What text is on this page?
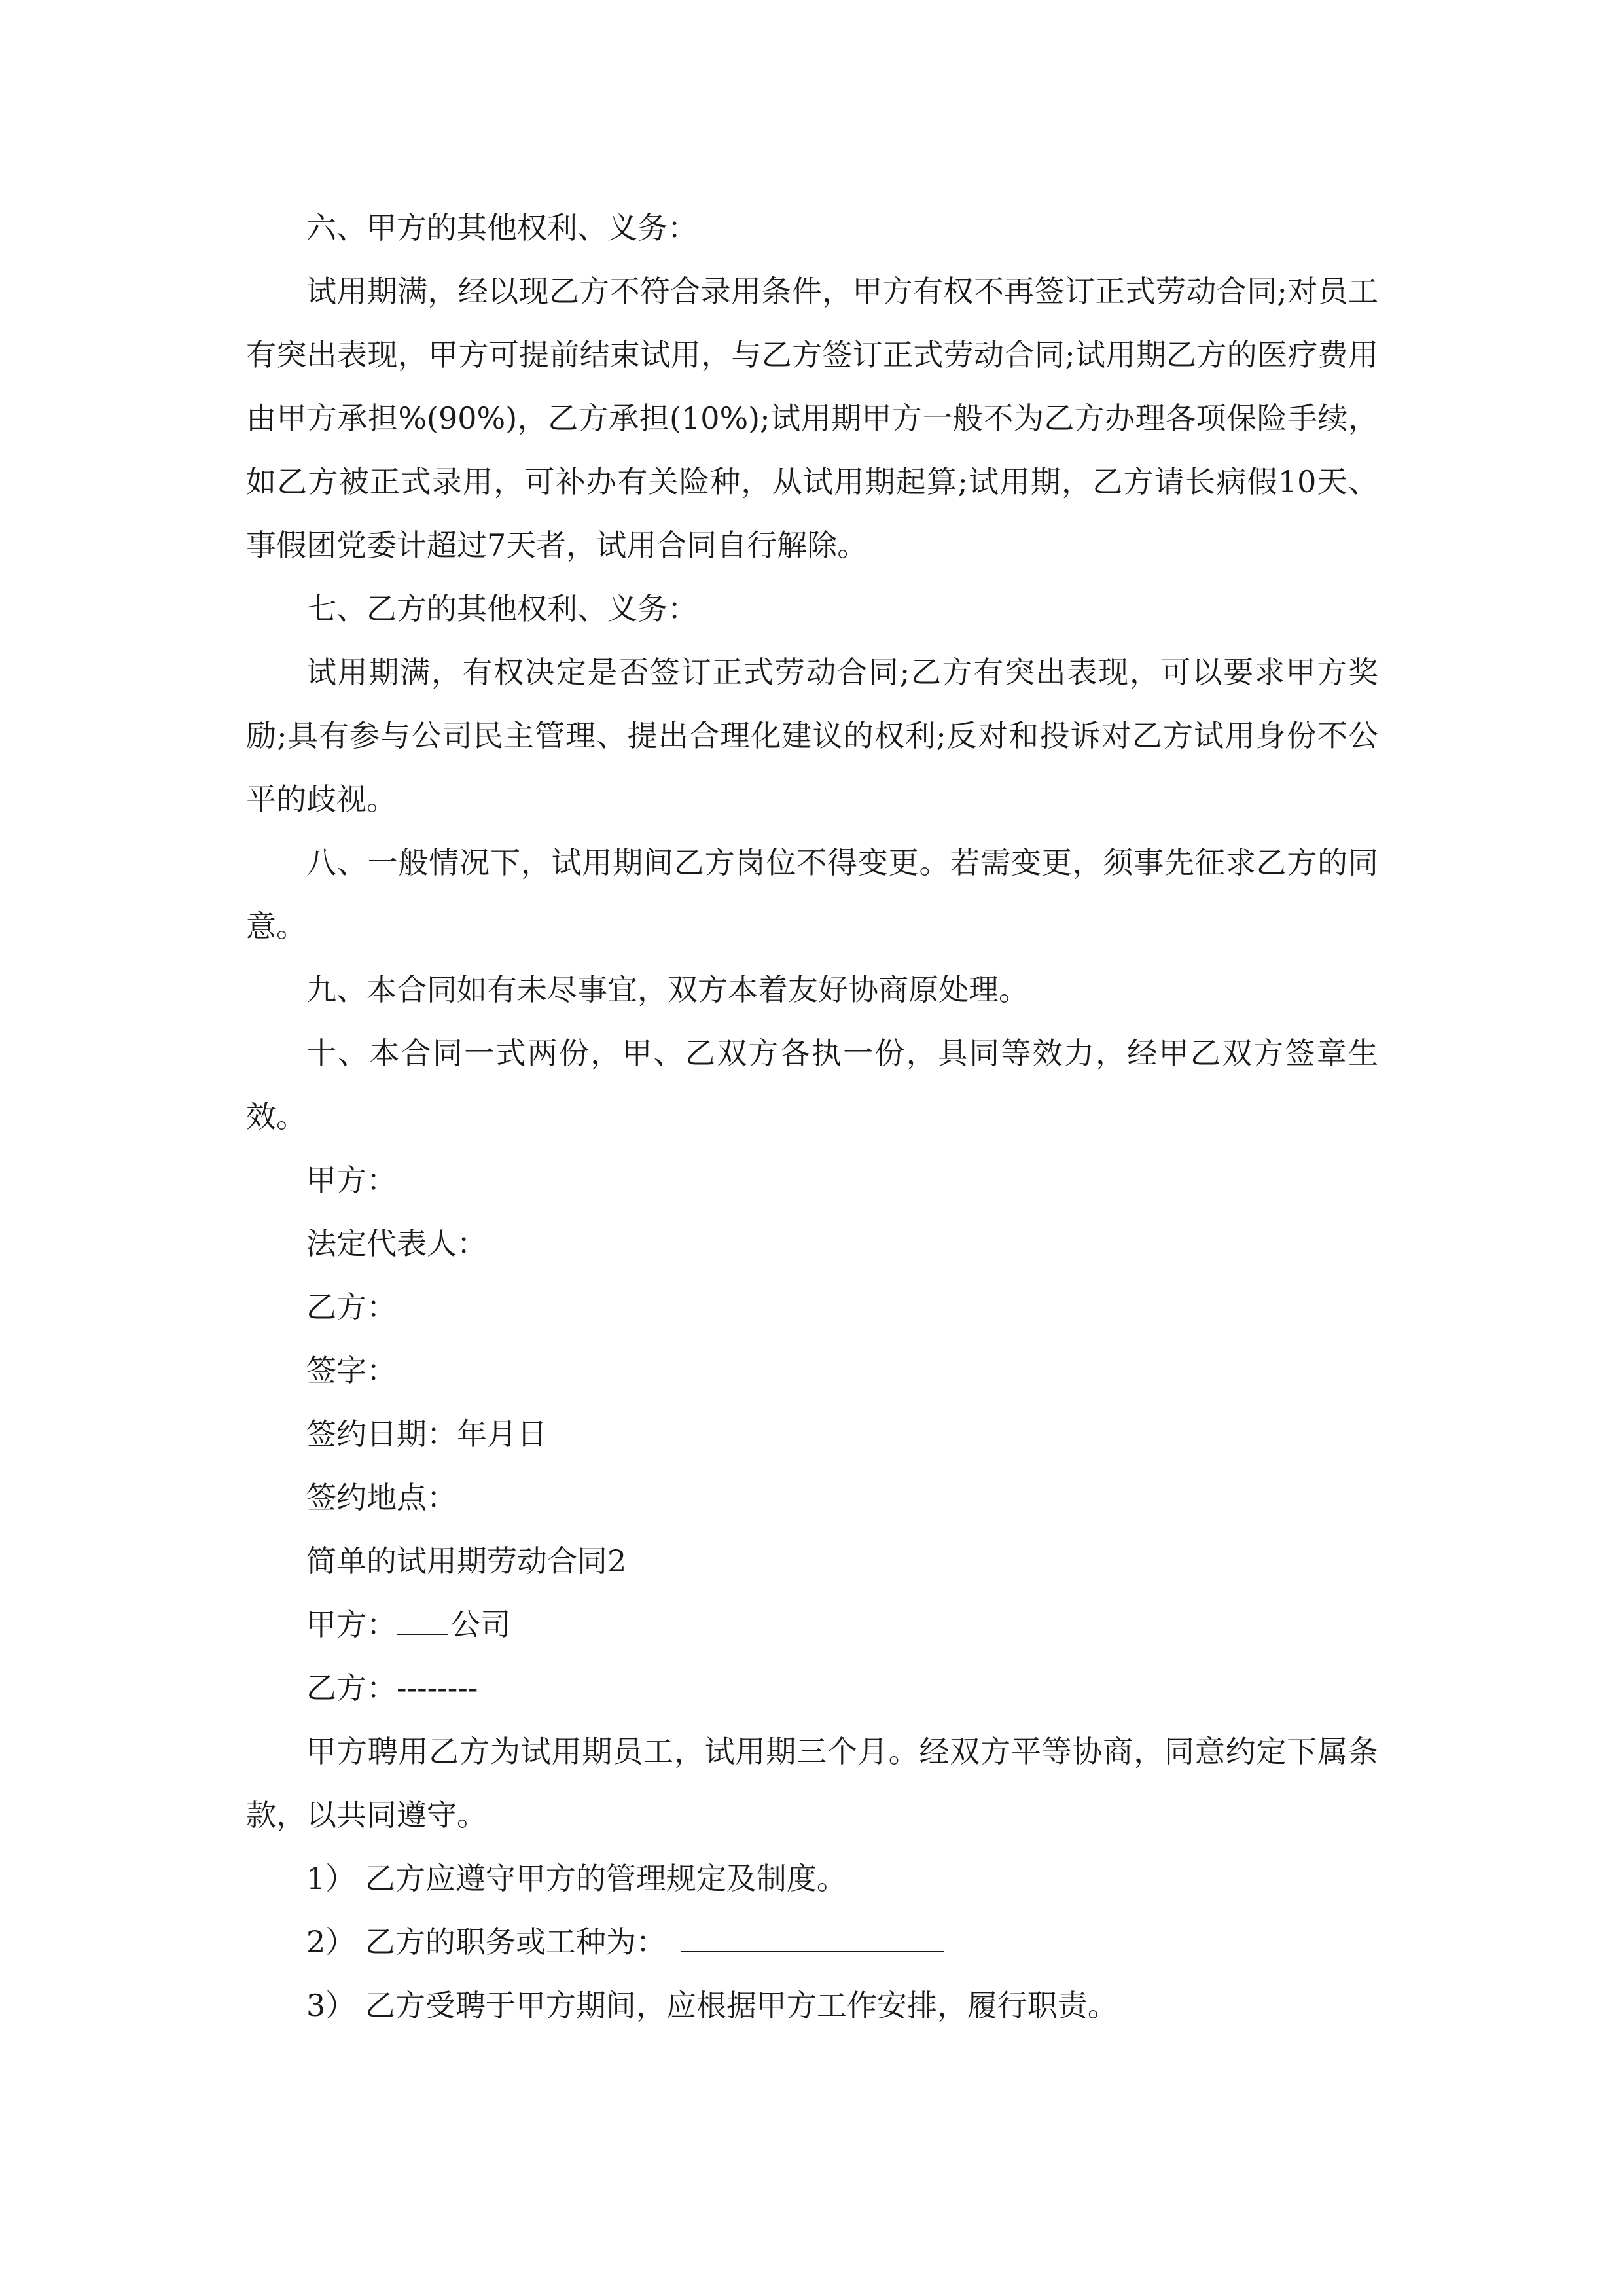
六、甲方的其他权利、义务：

试用期满，经以现乙方不符合录用条件，甲方有权不再签订正式劳动合同;对员工有突出表现，甲方可提前结束试用，与乙方签订正式劳动合同;试用期乙方的医疗费用由甲方承担%(90%)，乙方承担(10%);试用期甲方一般不为乙方办理各项保险手续，如乙方被正式录用，可补办有关险种，从试用期起算;试用期，乙方请长病假10天、事假团党委计超过7天者，试用合同自行解除。

七、乙方的其他权利、义务：

试用期满，有权决定是否签订正式劳动合同;乙方有突出表现，可以要求甲方奖励;具有参与公司民主管理、提出合理化建议的权利;反对和投诉对乙方试用身份不公平的歧视。

八、一般情况下，试用期间乙方岗位不得变更。若需变更，须事先征求乙方的同意。

九、本合同如有未尽事宜，双方本着友好协商原处理。

十、本合同一式两份，甲、乙双方各执一份，具同等效力，经甲乙双方签章生效。

甲方：

法定代表人：

乙方：

签字：

签约日期：年月日

签约地点：

简单的试用期劳动合同2

甲方： 公司

乙方：--------

甲方聘用乙方为试用期员工，试用期三个月。经双方平等协商，同意约定下属条款，以共同遵守。

1） 乙方应遵守甲方的管理规定及制度。

2） 乙方的职务或工种为：

3） 乙方受聘于甲方期间，应根据甲方工作安排，履行职责。
